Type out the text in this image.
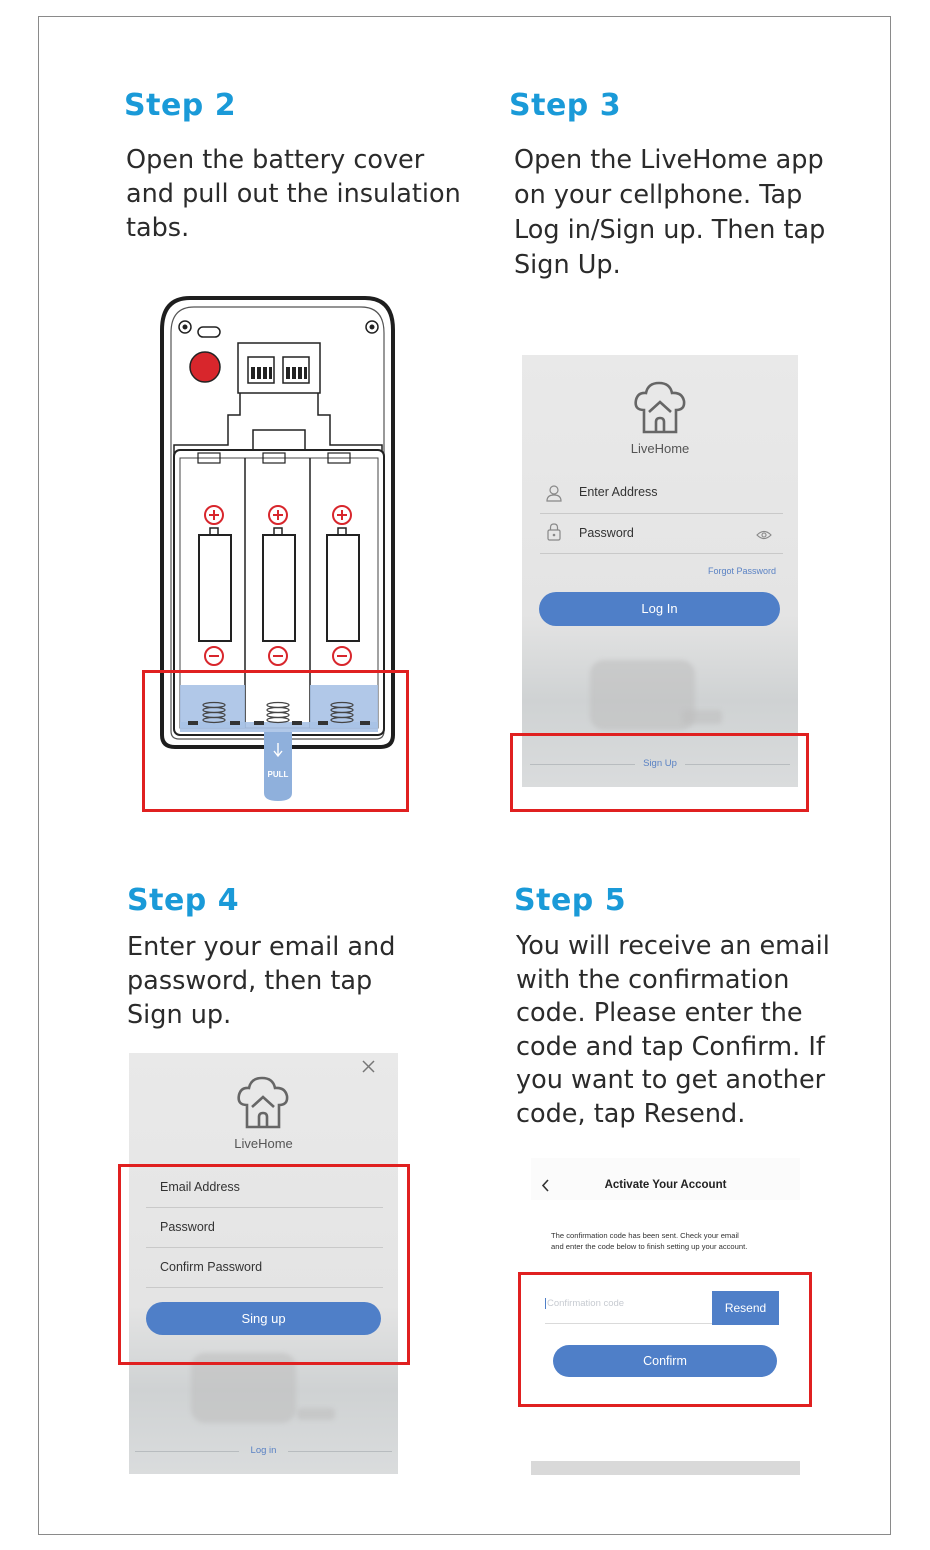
Step 2

Open the battery cover
and pull out the insulation
tabs.

PULL
Step 3

Open the LiveHome app
on your cellphone. Tap
Log in/Sign up. Then tap
Sign Up.

LiveHome
Enter Address
Password
Forgot Password
Log In
Sign Up
Step 4

Enter your email and
password, then tap
Sign up.

LiveHome
Email Address
Password
Confirm Password
Sing up
Log in
Step 5

You will receive an email
with the confirmation
code. Please enter the
code and tap Confirm. If
you want to get another
code, tap Resend.

Activate Your Account
The confirmation code has been sent. Check your email
and enter the code below to finish setting up your account.
Confirmation code	Resend
Confirm
